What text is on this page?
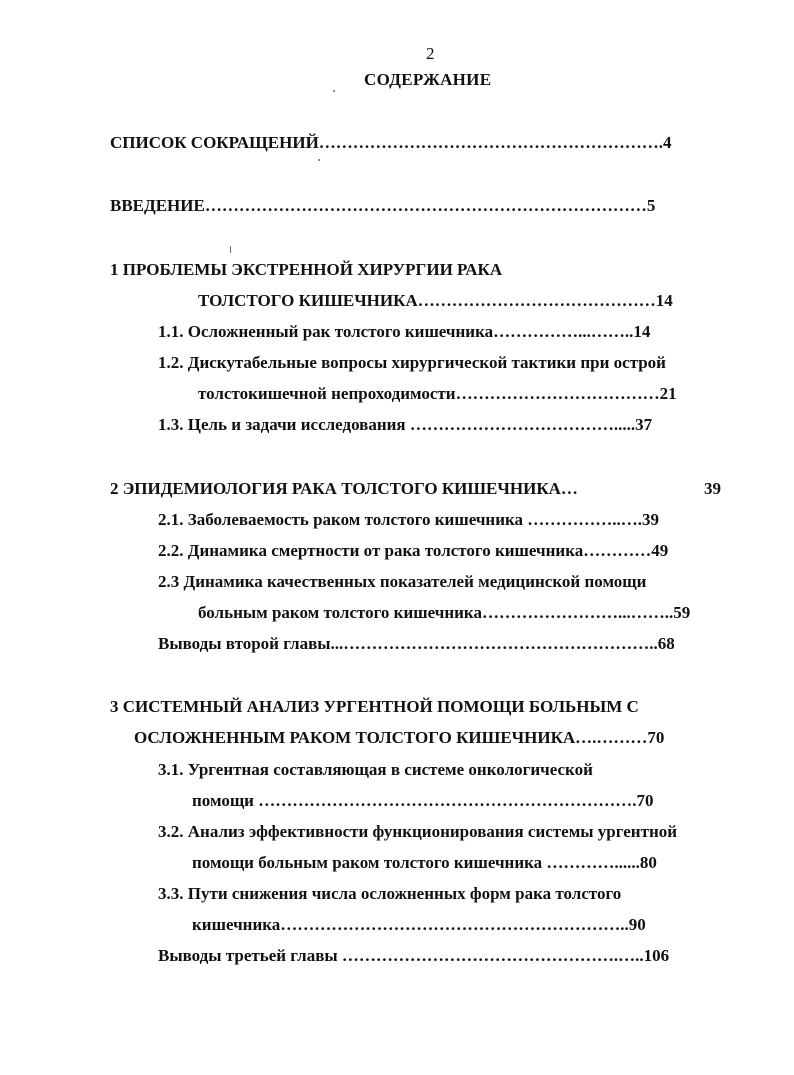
2
СОДЕРЖАНИЕ
СПИСОК СОКРАЩЕНИЙ…………………………………………………….4
ВВЕДЕНИЕ……………………………………………………………………5
1 ПРОБЛЕМЫ ЭКСТРЕННОЙ ХИРУРГИИ РАКА
ТОЛСТОГО КИШЕЧНИКА……………………………………14
1.1. Осложненный рак толстого кишечника……………...……..14
1.2. Дискутабельные вопросы хирургической тактики при острой
толстокишечной непроходимости………………………………21
1.3. Цель и задачи исследования ……………………………….....37
2 ЭПИДЕМИОЛОГИЯ РАКА ТОЛСТОГО КИШЕЧНИКА…	39
2.1. Заболеваемость раком толстого кишечника ……………..….39
2.2. Динамика смертности от рака толстого кишечника…………49
2.3 Динамика качественных показателей медицинской помощи
больным раком толстого кишечника……………………...……..59
Выводы второй главы...………………………………………………..68
3 СИСТЕМНЫЙ АНАЛИЗ УРГЕНТНОЙ ПОМОЩИ БОЛЬНЫМ С
ОСЛОЖНЕННЫМ РАКОМ ТОЛСТОГО КИШЕЧНИКА….………70
3.1. Ургентная составляющая в системе онкологической
помощи ………………………………………………………….70
3.2. Анализ эффективности функционирования системы ургентной
помощи больным раком толстого кишечника …………......80
3.3. Пути снижения числа осложненных форм рака толстого
кишечника……………………………………………………..90
Выводы третьей главы ………………………………………….…..106
